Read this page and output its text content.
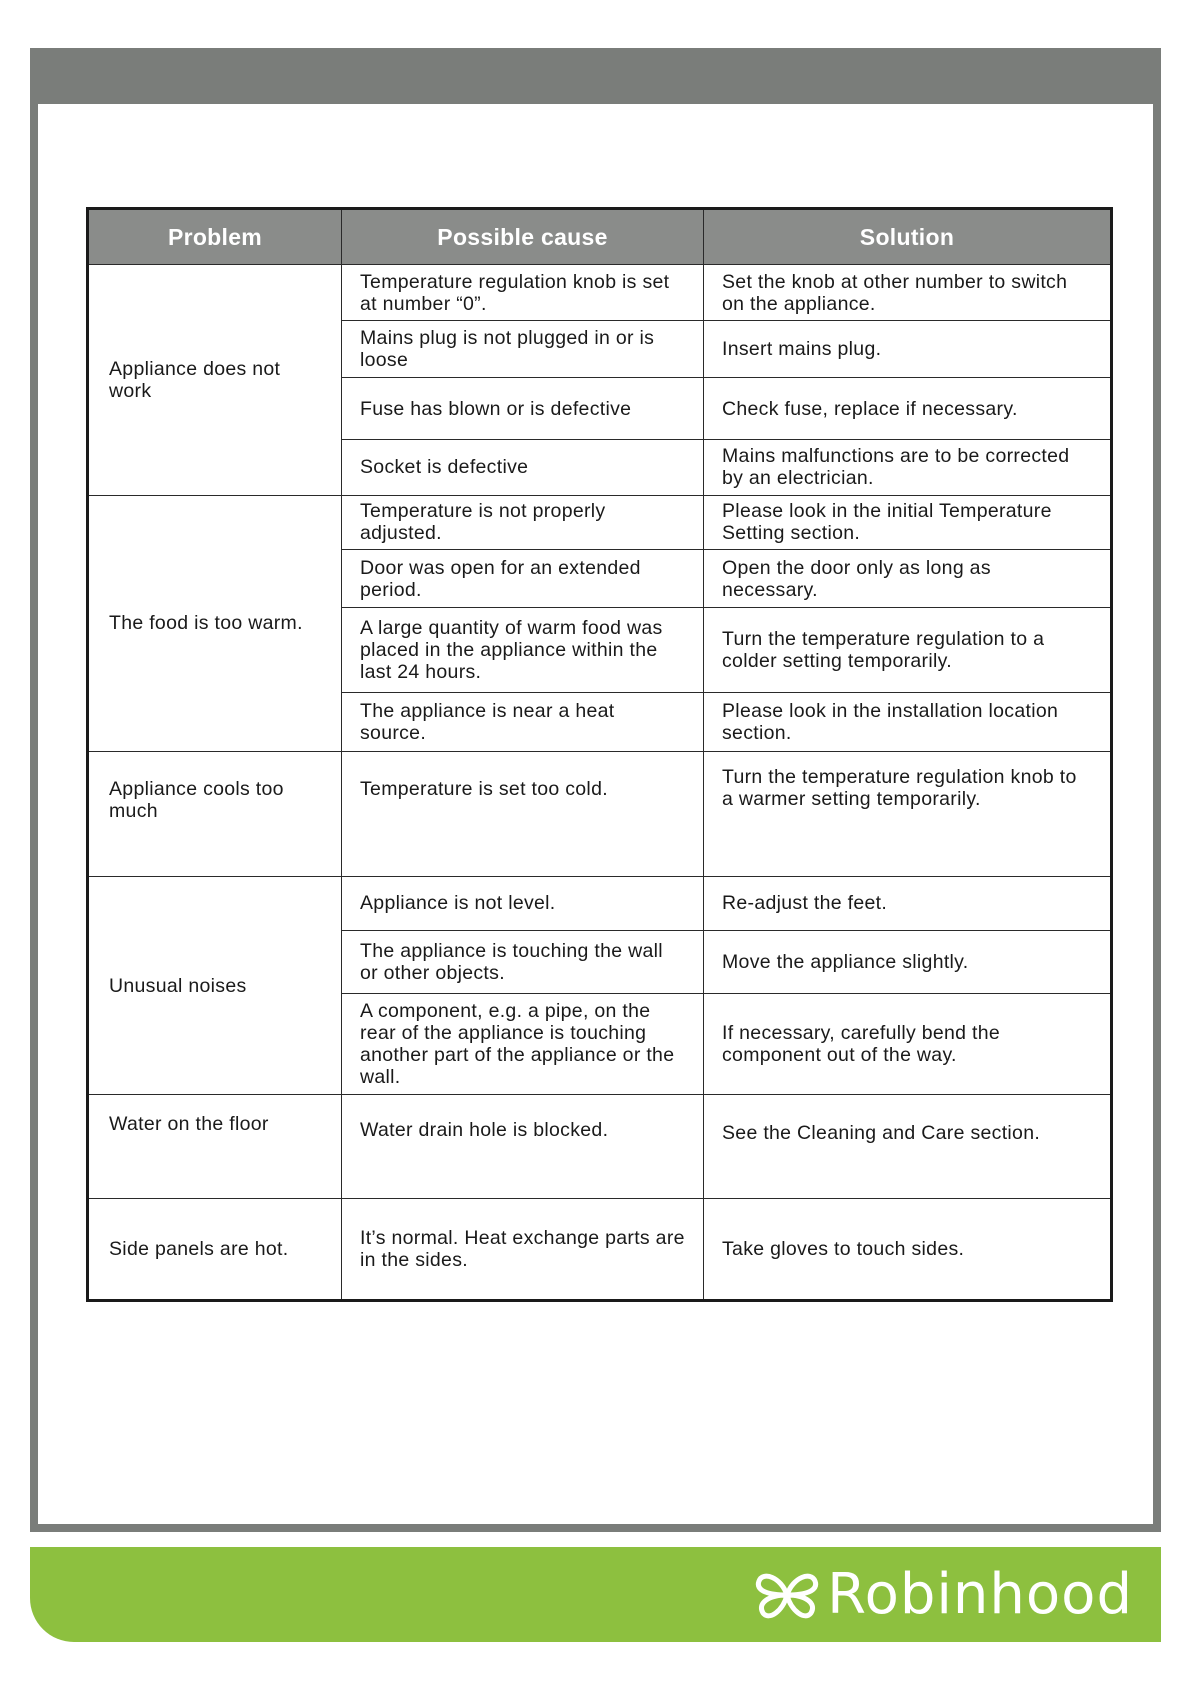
Problem	Possible cause	Solution
Appliance does not work	Temperature regulation knob is set at number “0”.	Set the knob at other number to switch on the appliance.
	Mains plug is not plugged in or is loose	Insert mains plug.
	Fuse has blown or is defective	Check fuse, replace if necessary.
	Socket is defective	Mains malfunctions are to be corrected by an electrician.
The food is too warm.	Temperature is not properly adjusted.	Please look in the initial Temperature Setting section.
	Door was open for an extended period.	Open the door only as long as necessary.
	A large quantity of warm food was placed in the appliance within the last 24 hours.	Turn the temperature regulation to a colder setting temporarily.
	The appliance is near a heat source.	Please look in the installation location section.
Appliance cools too much	Temperature is set too cold.	Turn the temperature regulation knob to a warmer setting temporarily.
Unusual noises	Appliance is not level.	Re-adjust the feet.
	The appliance is touching the wall or other objects.	Move the appliance slightly.
	A component, e.g. a pipe, on the rear of the appliance is touching another part of the appliance or the wall.	If necessary, carefully bend the component out of the way.
Water on the floor	Water drain hole is blocked.	See the Cleaning and Care section.
Side panels are hot.	It’s normal. Heat exchange parts are in the sides.	Take gloves to touch sides.
Robinhood
